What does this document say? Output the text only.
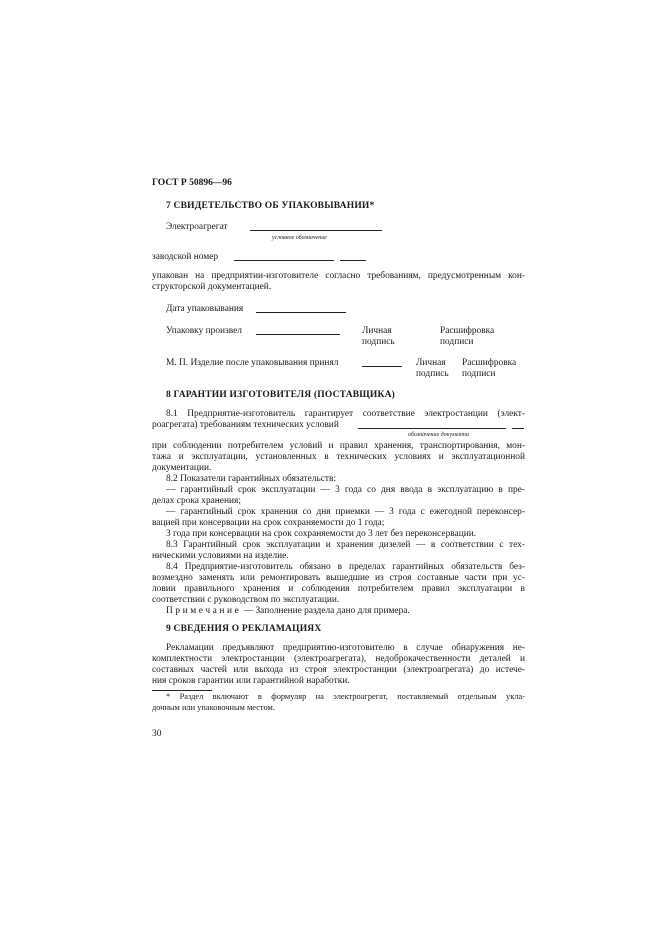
ГОСТ Р 50896—96
7 СВИДЕТЕЛЬСТВО ОБ УПАКОВЫВАНИИ*
Электроагрегат
условное обозначение
заводской номер
упакован на предприятии-изготовителе согласно требованиям, предусмотренным кон-
структорской документацией.
Дата упаковывания
Упаковку произвел	Личная
подпись
Расшифровка
подписи
М. П. Изделие после упаковывания принял	Личная
подпись
Расшифровка
подписи
8 ГАРАНТИИ ИЗГОТОВИТЕЛЯ (ПОСТАВЩИКА)
8.1 Предприятие-изготовитель гарантирует соответствие электростанции (элект-
роагрегата) требованиям технических условий
обозначение документа
при соблюдении потребителем условий и правил хранения, транспортирования, мон-
тажа и эксплуатации, установленных в технических условиях и эксплуатационной
документации.
8.2 Показатели гарантийных обязательств:
— гарантийный срок эксплуатации — 3 года со дня ввода в эксплуатацию в пре-
делах срока хранения;
— гарантийный срок хранения со дня приемки — 3 года с ежегодной переконсер-
вацией при консервации на срок сохраняемости до 1 года;
3 года при консервации на срок сохраняемости до 3 лет без переконсервации.
8.3 Гарантийный срок эксплуатации и хранения дизелей — в соответствии с тех-
ническими условиями на изделие.
8.4 Предприятие-изготовитель обязано в пределах гарантийных обязательств без-
возмездно заменять или ремонтировать вышедшие из строя составные части при ус-
ловии правильного хранения и соблюдения потребителем правил эксплуатации в
соответствии с руководством по эксплуатации.
Примечание — Заполнение раздела дано для примера.
9 СВЕДЕНИЯ О РЕКЛАМАЦИЯХ
Рекламации предъявляют предприятию-изготовителю в случае обнаружения не-
комплектности электростанции (электроагрегата), недоброкачественности деталей и
составных частей или выхода из строя электростанции (электроагрегата) до истече-
ния сроков гарантии или гарантийной наработки.
* Раздел включают в формуляр на электроагрегат, поставляемый отдельным укла-
дочным или упаковочным местом.
30
